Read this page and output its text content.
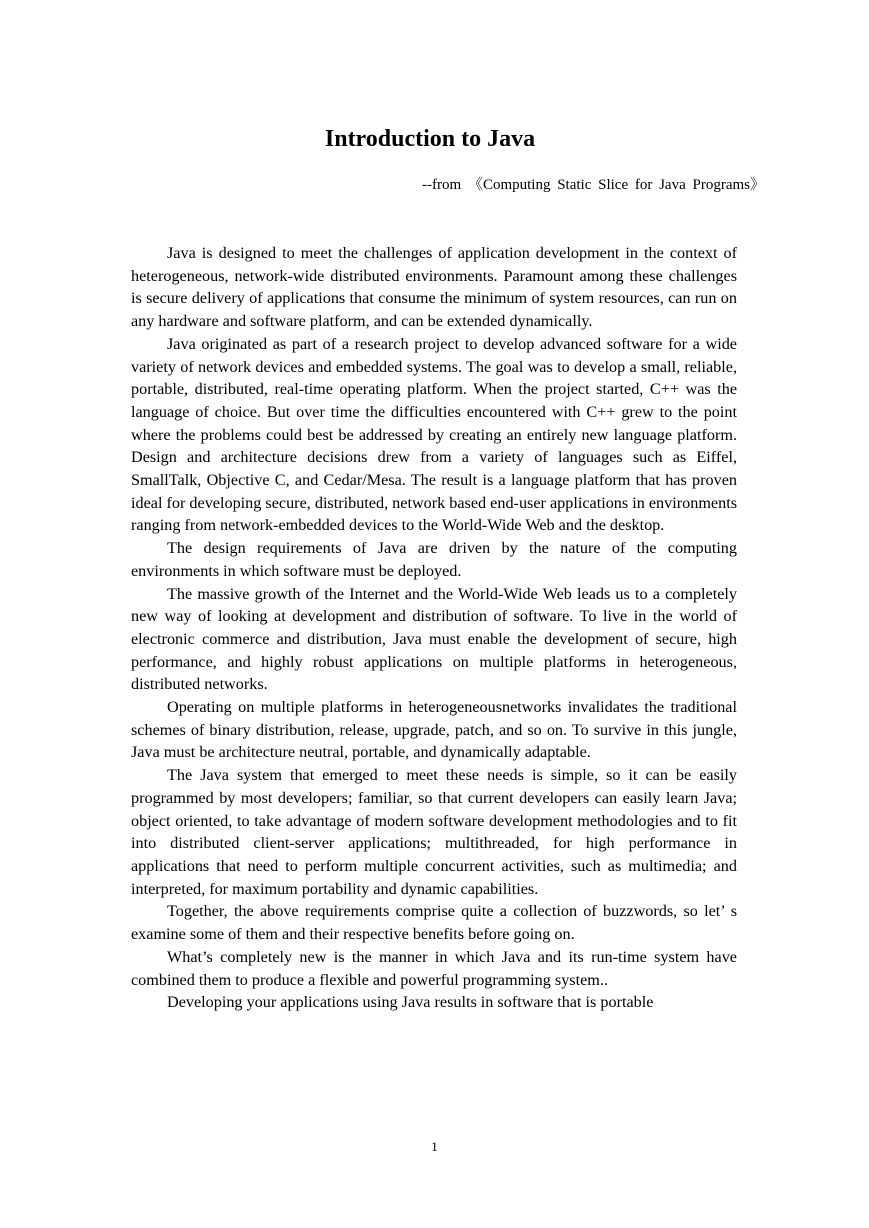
Introduction to Java
--from 《Computing Static Slice for Java Programs》

Java is designed to meet the challenges of application development in the context of heterogeneous, network-wide distributed environments. Paramount among these challenges is secure delivery of applications that consume the minimum of system resources, can run on any hardware and software platform, and can be extended dynamically.

Java originated as part of a research project to develop advanced software for a wide variety of network devices and embedded systems. The goal was to develop a small, reliable, portable, distributed, real-time operating platform. When the project started, C++ was the language of choice. But over time the difficulties encountered with C++ grew to the point where the problems could best be addressed by creating an entirely new language platform. Design and architecture decisions drew from a variety of languages such as Eiffel, SmallTalk, Objective C, and Cedar/Mesa. The result is a language platform that has proven ideal for developing secure, distributed, network based end-user applications in environments ranging from network-embedded devices to the World-Wide Web and the desktop.

The design requirements of Java are driven by the nature of the computing environments in which software must be deployed.

The massive growth of the Internet and the World-Wide Web leads us to a completely new way of looking at development and distribution of software. To live in the world of electronic commerce and distribution, Java must enable the development of secure, high performance, and highly robust applications on multiple platforms in heterogeneous, distributed networks.

Operating on multiple platforms in heterogeneousnetworks invalidates the traditional schemes of binary distribution, release, upgrade, patch, and so on. To survive in this jungle, Java must be architecture neutral, portable, and dynamically adaptable.

The Java system that emerged to meet these needs is simple, so it can be easily programmed by most developers; familiar, so that current developers can easily learn Java; object oriented, to take advantage of modern software development methodologies and to fit into distributed client-server applications; multithreaded, for high performance in applications that need to perform multiple concurrent activities, such as multimedia; and interpreted, for maximum portability and dynamic capabilities.

Together, the above requirements comprise quite a collection of buzzwords, so let’ s examine some of them and their respective benefits before going on.

What’s completely new is the manner in which Java and its run-time system have combined them to produce a flexible and powerful programming system..

Developing your applications using Java results in software that is portable

1
